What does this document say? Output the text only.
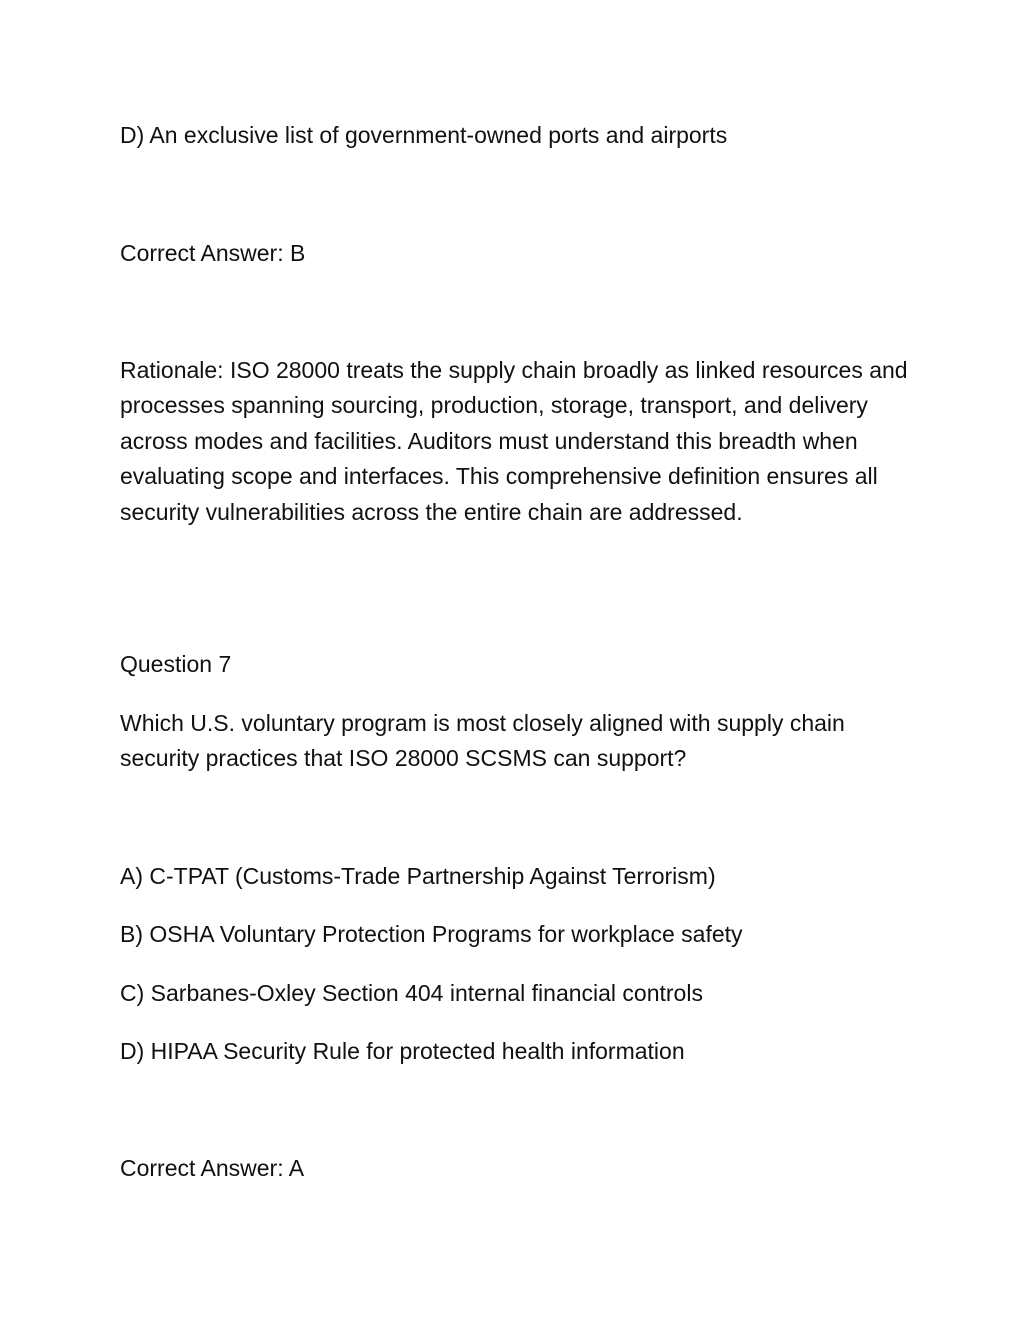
D) An exclusive list of government-owned ports and airports

Correct Answer: B

Rationale: ISO 28000 treats the supply chain broadly as linked resources and processes spanning sourcing, production, storage, transport, and delivery across modes and facilities. Auditors must understand this breadth when evaluating scope and interfaces. This comprehensive definition ensures all security vulnerabilities across the entire chain are addressed.

Question 7

Which U.S. voluntary program is most closely aligned with supply chain security practices that ISO 28000 SCSMS can support?

A) C-TPAT (Customs-Trade Partnership Against Terrorism)

B) OSHA Voluntary Protection Programs for workplace safety

C) Sarbanes-Oxley Section 404 internal financial controls

D) HIPAA Security Rule for protected health information

Correct Answer: A
